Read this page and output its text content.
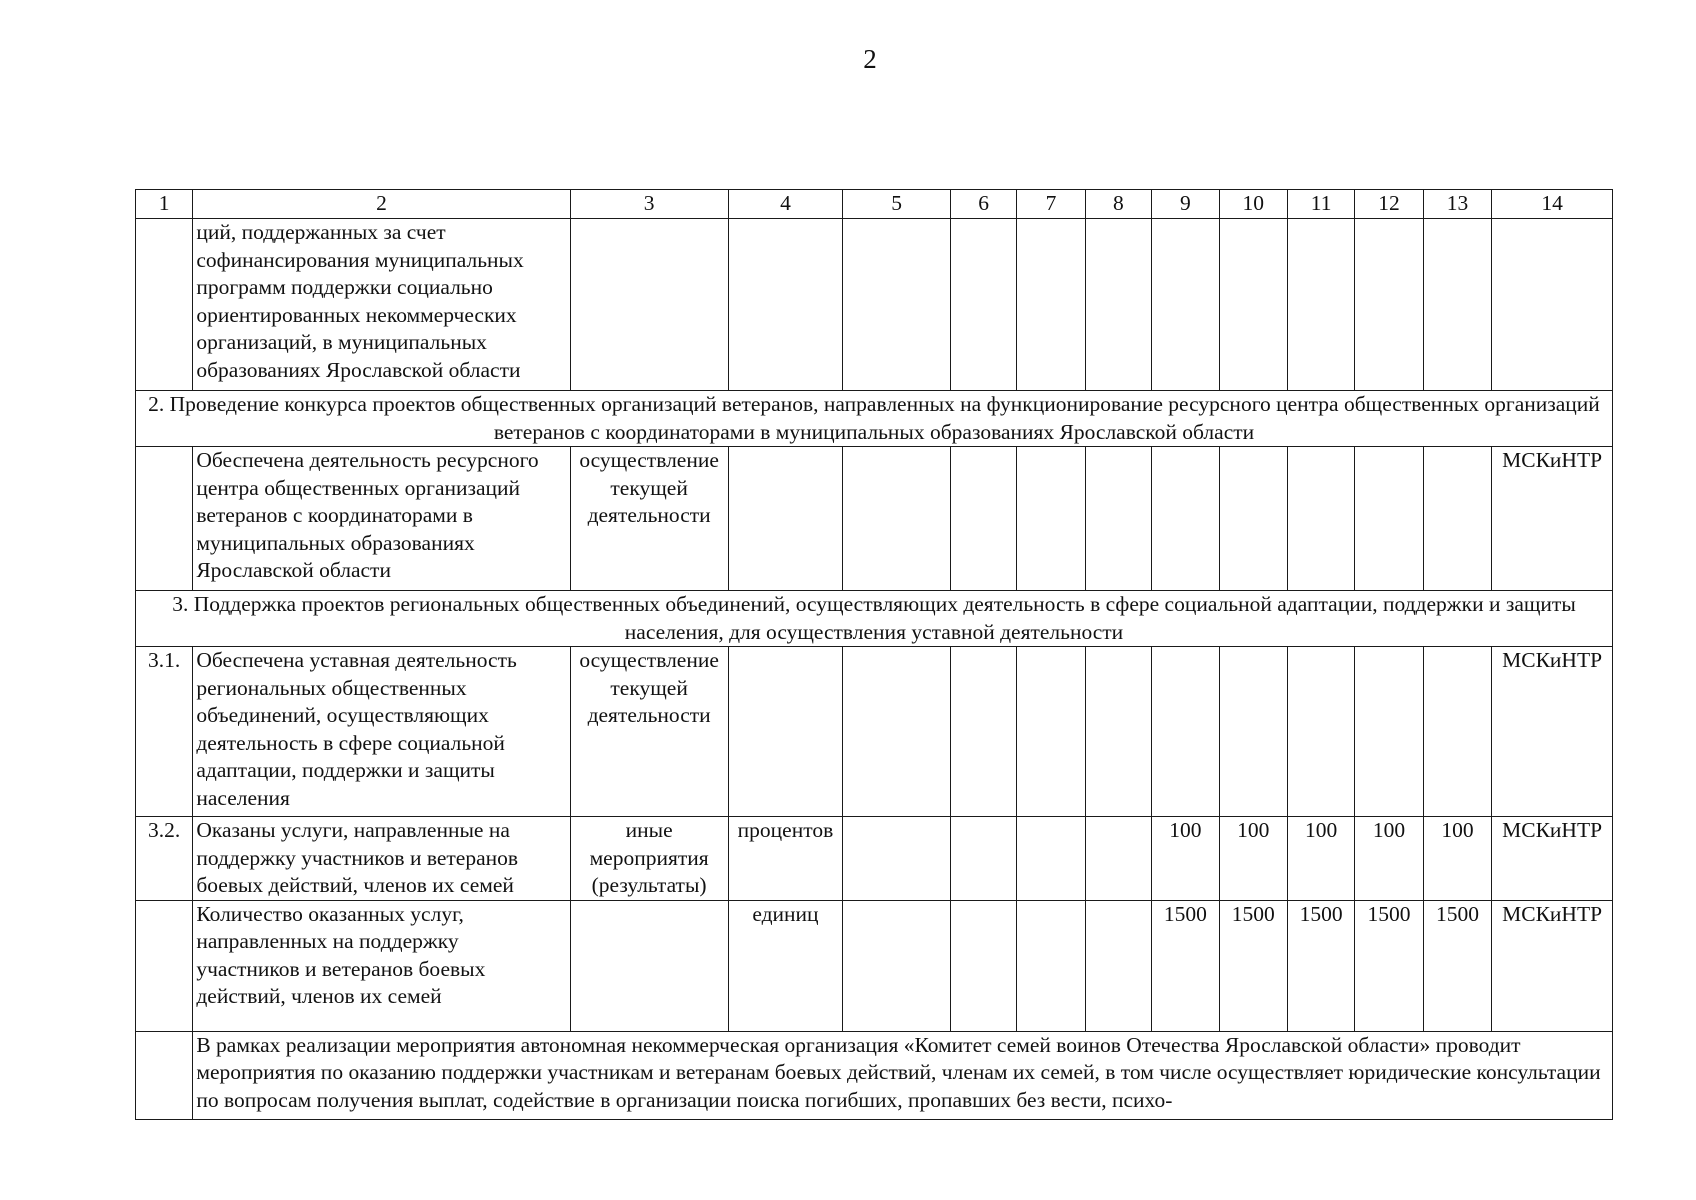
2
1	2	3	4	5	6	7	8	9	10	11	12	13	14
	ций, поддержанных за счет софинансирования муниципальных программ поддержки социально ориентированных некоммерческих организаций, в муниципальных образованиях Ярославской области												
2. Проведение конкурса проектов общественных организаций ветеранов, направленных на функционирование ресурсного центра общественных организаций ветеранов с координаторами в муниципальных образованиях Ярославской области													
	Обеспечена деятельность ресурсного центра общественных организаций ветеранов с координаторами в муниципальных образованиях Ярославской области	осуществление текущей деятельности											МСКиНТР
3. Поддержка проектов региональных общественных объединений, осуществляющих деятельность в сфере социальной адаптации, поддержки и защиты населения, для осуществления уставной деятельности													
3.1.	Обеспечена уставная деятельность региональных общественных объединений, осуществляющих деятельность в сфере социальной адаптации, поддержки и защиты населения	осуществление текущей деятельности											МСКиНТР
3.2.	Оказаны услуги, направленные на поддержку участников и ветеранов боевых действий, членов их семей	иные мероприятия (результаты)	процентов					100	100	100	100	100	МСКиНТР
	Количество оказанных услуг, направленных на поддержку участников и ветеранов боевых действий, членов их семей		единиц					1500	1500	1500	1500	1500	МСКиНТР
	В рамках реализации мероприятия автономная некоммерческая организация «Комитет семей воинов Отечества Ярославской области» проводит мероприятия по оказанию поддержки участникам и ветеранам боевых действий, членам их семей, в том числе осуществляет юридические консультации по вопросам получения выплат, содействие в организации поиска погибших, пропавших без вести, психо-												
